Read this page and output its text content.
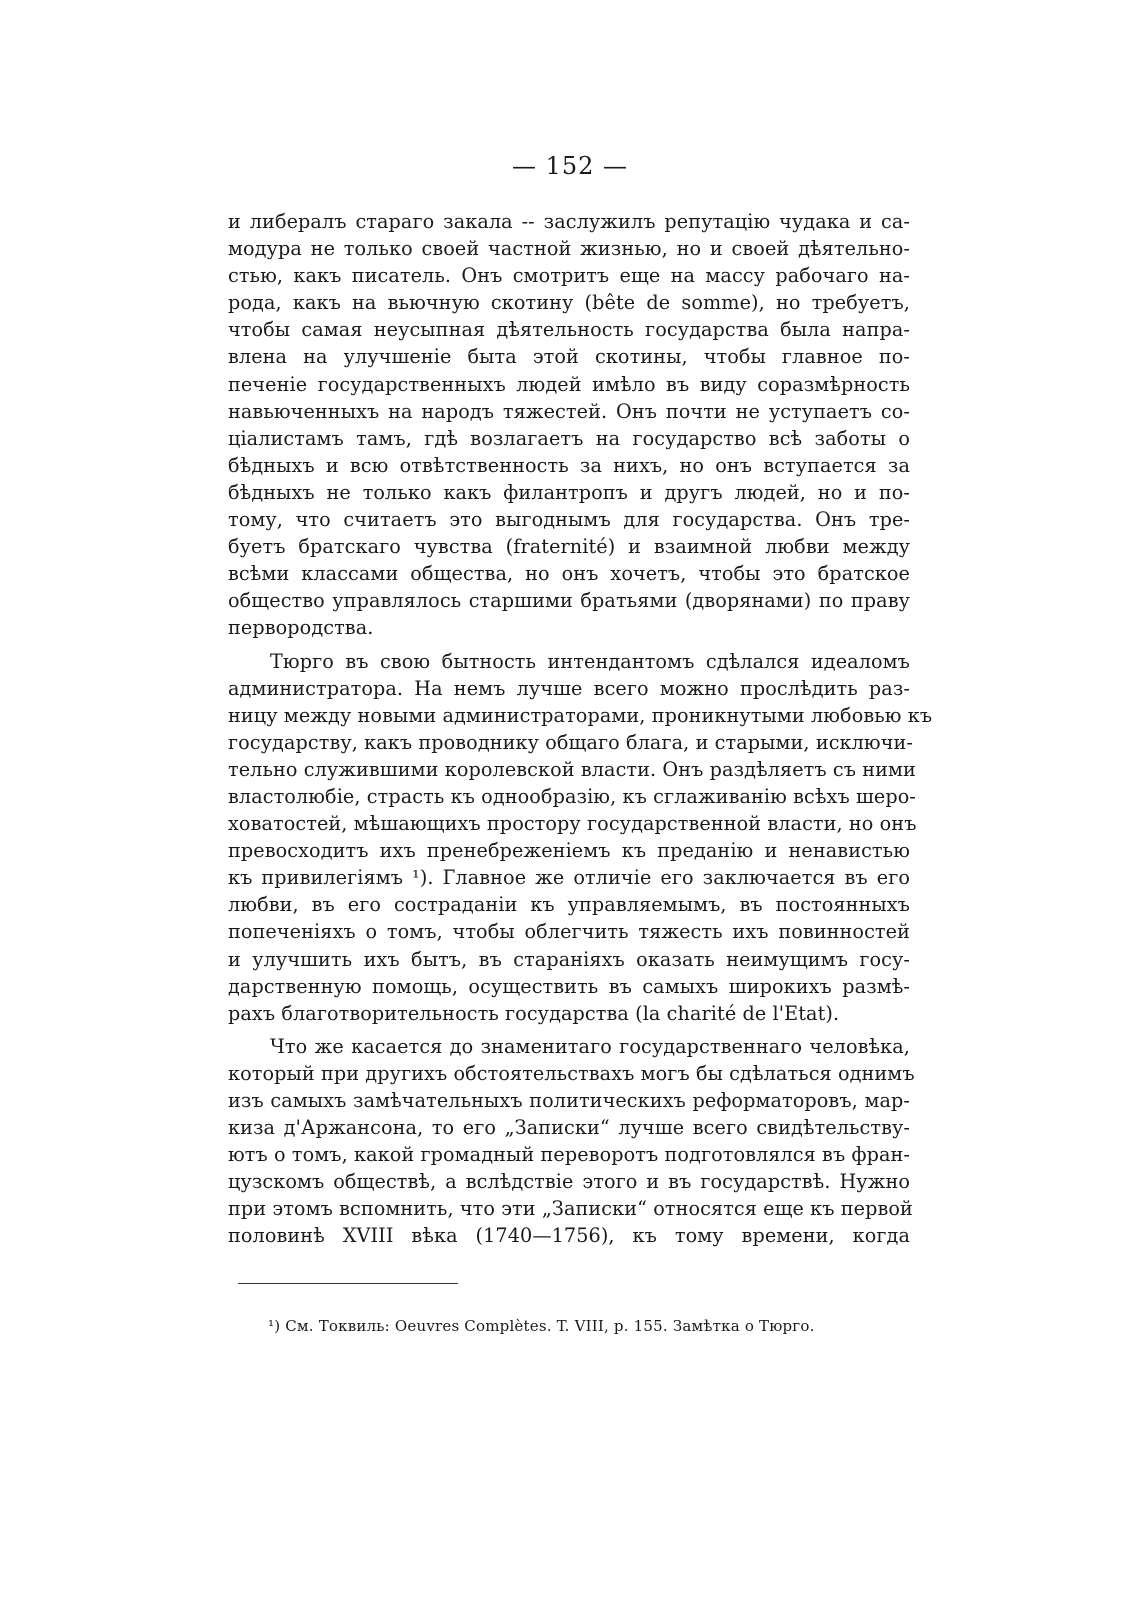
— 152 —
и либералъ стараго закала -- заслужилъ репутацію чудака и са-
модура не только своей частной жизнью, но и своей дѣятельно-
стью, какъ писатель. Онъ смотритъ еще на массу рабочаго на-
рода, какъ на вьючную скотину (bête de somme), но требуетъ,
чтобы самая неусыпная дѣятельность государства была напра-
влена на улучшеніе быта этой скотины, чтобы главное по-
печеніе государственныхъ людей имѣло въ виду соразмѣрность
навьюченныхъ на народъ тяжестей. Онъ почти не уступаетъ со-
ціалистамъ тамъ, гдѣ возлагаетъ на государство всѣ заботы о
бѣдныхъ и всю отвѣтственность за нихъ, но онъ вступается за
бѣдныхъ не только какъ филантропъ и другъ людей, но и по-
тому, что считаетъ это выгоднымъ для государства. Онъ тре-
буетъ братскаго чувства (fraternité) и взаимной любви между
всѣми классами общества, но онъ хочетъ, чтобы это братское
общество управлялось старшими братьями (дворянами) по праву
первородства.
Тюрго въ свою бытность интендантомъ сдѣлался идеаломъ
администратора. На немъ лучше всего можно прослѣдить раз-
ницу между новыми администраторами, проникнутыми любовью къ
государству, какъ проводнику общаго блага, и старыми, исключи-
тельно служившими королевской власти. Онъ раздѣляетъ съ ними
властолюбіе, страсть къ однообразію, къ сглаживанію всѣхъ шеро-
ховатостей, мѣшающихъ простору государственной власти, но онъ
превосходитъ ихъ пренебреженіемъ къ преданію и ненавистью
къ привилегіямъ ¹). Главное же отличіе его заключается въ его
любви, въ его состраданіи къ управляемымъ, въ постоянныхъ
попеченіяхъ о томъ, чтобы облегчить тяжесть ихъ повинностей
и улучшить ихъ бытъ, въ стараніяхъ оказать неимущимъ госу-
дарственную помощь, осуществить въ самыхъ широкихъ размѣ-
рахъ благотворительность государства (la charité de l'Etat).
Что же касается до знаменитаго государственнаго человѣка,
который при другихъ обстоятельствахъ могъ бы сдѣлаться однимъ
изъ самыхъ замѣчательныхъ политическихъ реформаторовъ, мар-
киза д'Аржансона, то его „Записки“ лучше всего свидѣтельству-
ютъ о томъ, какой громадный переворотъ подготовлялся въ фран-
цузскомъ обществѣ, а вслѣдствіе этого и въ государствѣ. Нужно
при этомъ вспомнить, что эти „Записки“ относятся еще къ первой
половинѣ XVIII вѣка (1740—1756), къ тому времени, когда
¹) См. Токвиль: Oeuvres Complètes. T. VIII, p. 155. Замѣтка о Тюрго.
